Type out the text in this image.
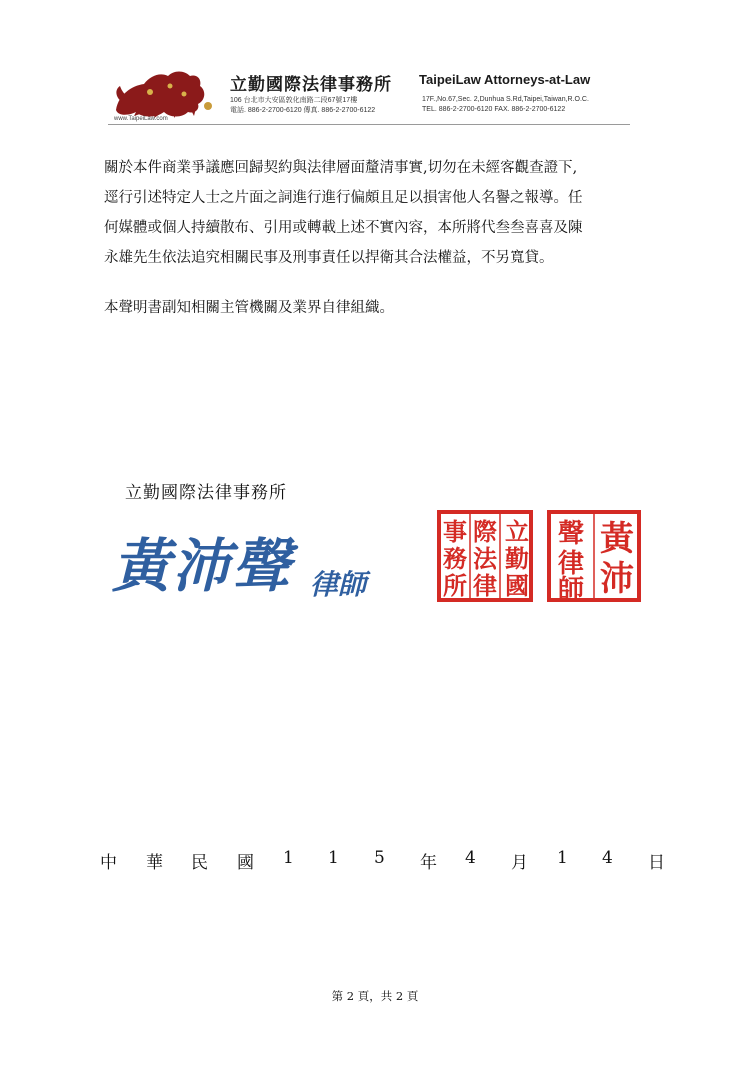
www.TaipeiLaw.com
立勤國際法律事務所 TaipeiLaw Attorneys-at-Law
106 台北市大安區敦化南路二段67號17樓
電話. 886-2-2700-6120 傳真. 886-2-2700-6122
17F.,No.67,Sec. 2,Dunhua S.Rd,Taipei,Taiwan,R.O.C.
TEL. 886-2-2700-6120 FAX. 886-2-2700-6122
關於本件商業爭議應回歸契約與法律層面釐清事實,切勿在未經客觀查證下,
逕行引述特定人士之片面之詞進行進行偏頗且足以損害他人名譽之報導。任
何媒體或個人持續散布、引用或轉載上述不實內容，本所將代叁叁喜喜及陳
永雄先生依法追究相關民事及刑事責任以捍衛其合法權益，不另寬貸。
本聲明書副知相關主管機關及業界自律組織。
立勤國際法律事務所
黃沛聲 律師
立
勤
國
際
法
律
事
務
所
黃
沛
聲
律
師
中 華 民 國 1 1 5 年 4 月 1 4 日
第 2 頁，共 2 頁
